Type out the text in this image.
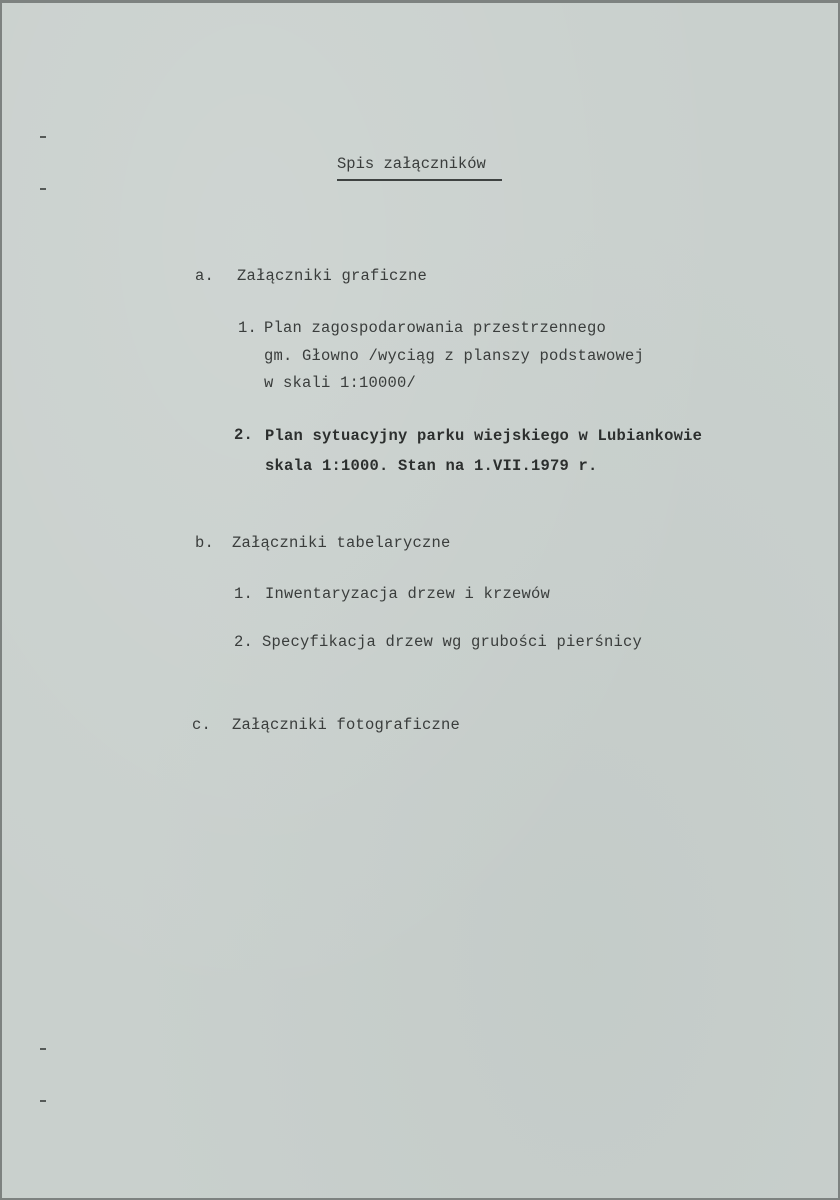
Spis załączników
a. Załączniki graficzne
1. Plan zagospodarowania przestrzennego
gm. Głowno /wyciąg z planszy podstawowej
w skali 1:10000/
2. Plan sytuacyjny parku wiejskiego w Lubiankowie
skala 1:1000. Stan na 1.VII.1979 r.
b. Załączniki tabelaryczne
1. Inwentaryzacja drzew i krzewów
2. Specyfikacja drzew wg grubości pierśnicy
c. Załączniki fotograficzne
